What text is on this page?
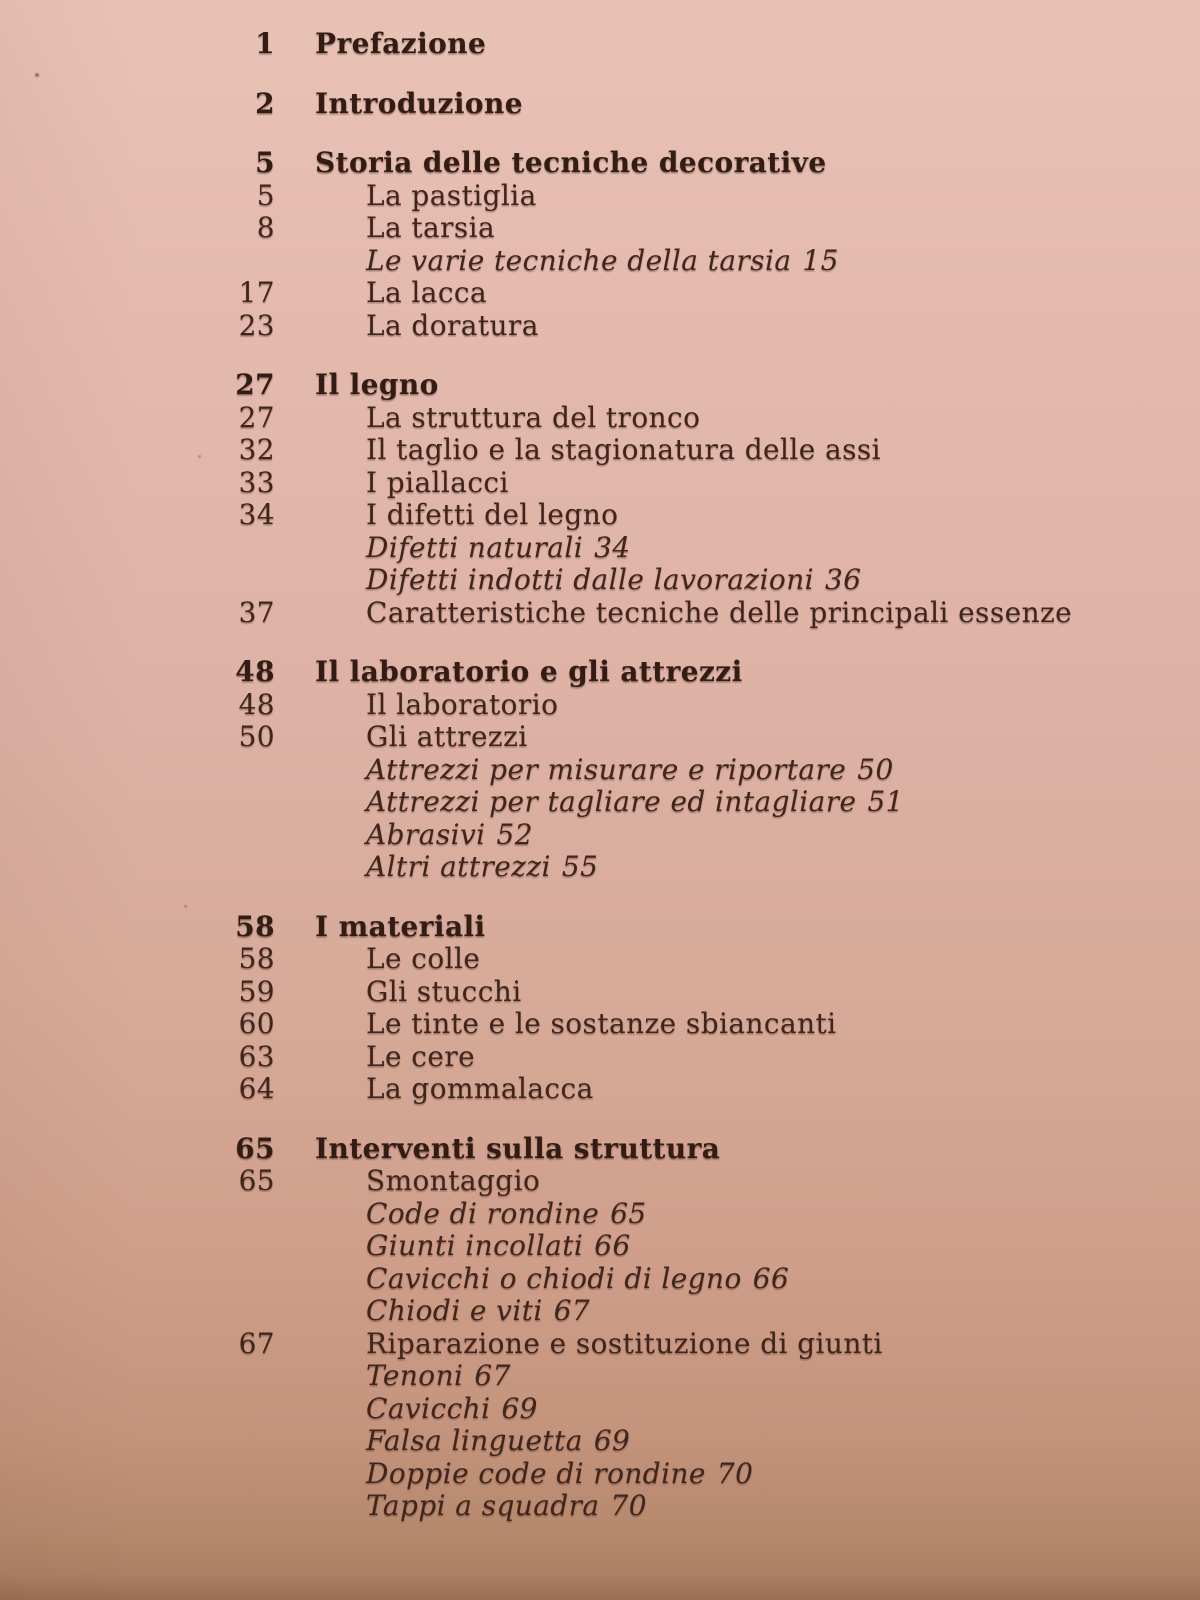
1	Prefazione
2	Introduzione
5	Storia delle tecniche decorative
5	La pastiglia
8	La tarsia
Le varie tecniche della tarsia 15
17	La lacca
23	La doratura
27	Il legno
27	La struttura del tronco
32	Il taglio e la stagionatura delle assi
33	I piallacci
34	I difetti del legno
Difetti naturali 34
Difetti indotti dalle lavorazioni 36
37	Caratteristiche tecniche delle principali essenze
48	Il laboratorio e gli attrezzi
48	Il laboratorio
50	Gli attrezzi
Attrezzi per misurare e riportare 50
Attrezzi per tagliare ed intagliare 51
Abrasivi 52
Altri attrezzi 55
58	I materiali
58	Le colle
59	Gli stucchi
60	Le tinte e le sostanze sbiancanti
63	Le cere
64	La gommalacca
65	Interventi sulla struttura
65	Smontaggio
Code di rondine 65
Giunti incollati 66
Cavicchi o chiodi di legno 66
Chiodi e viti 67
67	Riparazione e sostituzione di giunti
Tenoni 67
Cavicchi 69
Falsa linguetta 69
Doppie code di rondine 70
Tappi a squadra 70
